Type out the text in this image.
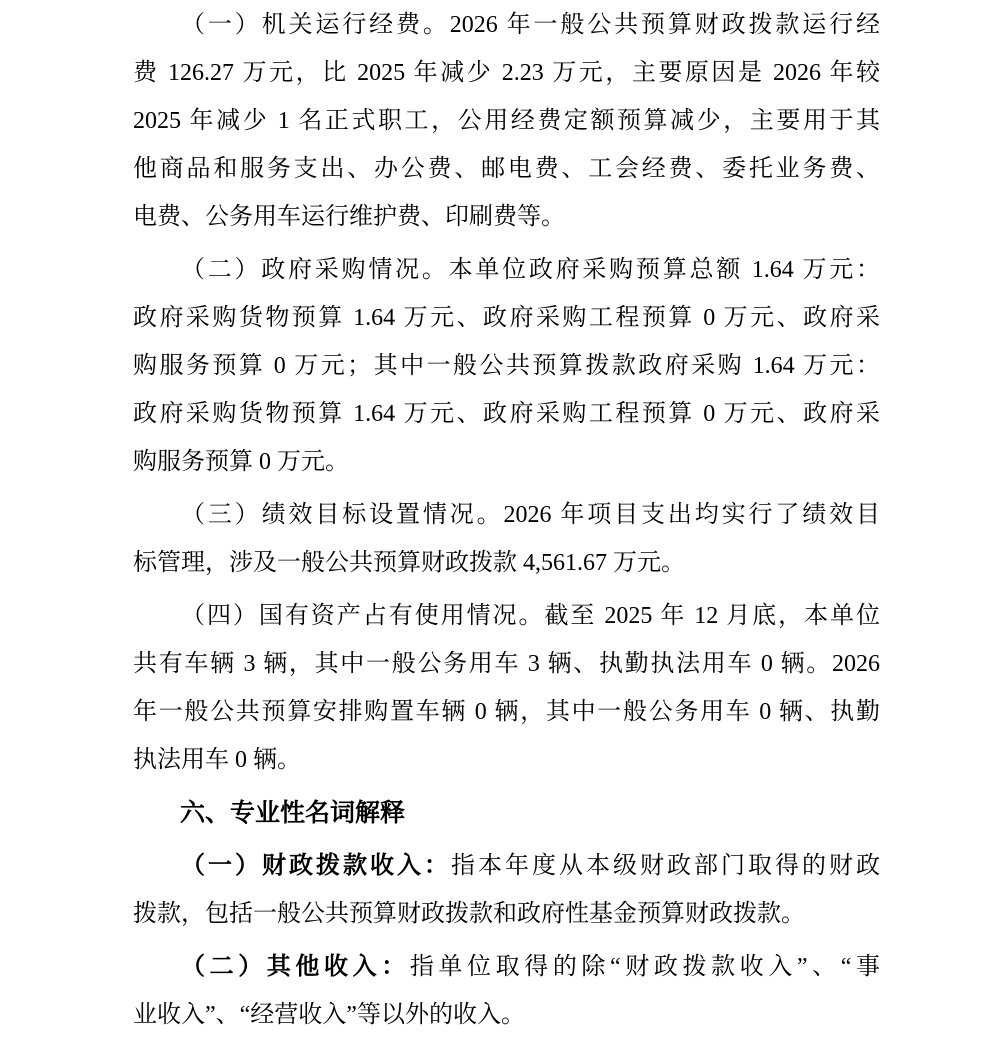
（一）机关运行经费。2026 年一般公共预算财政拨款运行经
费 126.27 万元，比 2025 年减少 2.23 万元，主要原因是 2026 年较
2025 年减少 1 名正式职工，公用经费定额预算减少，主要用于其
他商品和服务支出、办公费、邮电费、工会经费、委托业务费、
电费、公务用车运行维护费、印刷费等。
（二）政府采购情况。本单位政府采购预算总额 1.64 万元：
政府采购货物预算 1.64 万元、政府采购工程预算 0 万元、政府采
购服务预算 0 万元；其中一般公共预算拨款政府采购 1.64 万元：
政府采购货物预算 1.64 万元、政府采购工程预算 0 万元、政府采
购服务预算 0 万元。
（三）绩效目标设置情况。2026 年项目支出均实行了绩效目
标管理，涉及一般公共预算财政拨款 4,561.67 万元。
（四）国有资产占有使用情况。截至 2025 年 12 月底，本单位
共有车辆 3 辆，其中一般公务用车 3 辆、执勤执法用车 0 辆。2026
年一般公共预算安排购置车辆 0 辆，其中一般公务用车 0 辆、执勤
执法用车 0 辆。
六、专业性名词解释
（一）财政拨款收入：指本年度从本级财政部门取得的财政
拨款，包括一般公共预算财政拨款和政府性基金预算财政拨款。
（二）其他收入：指单位取得的除“财政拨款收入”、“事
业收入”、“经营收入”等以外的收入。
